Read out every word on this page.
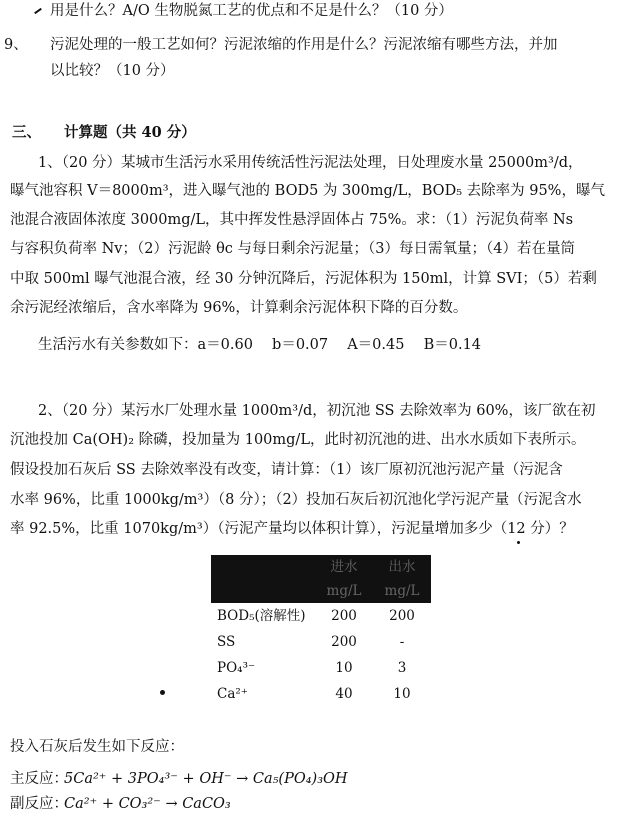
用是什么？A/O 生物脱氮工艺的优点和不足是什么？（10 分）
9、 污泥处理的一般工艺如何？污泥浓缩的作用是什么？污泥浓缩有哪些方法，并加
以比较？（10 分）
三、 计算题（共 40 分）
1、（20 分）某城市生活污水采用传统活性污泥法处理，日处理废水量 25000m³/d，
曝气池容积 V＝8000m³，进入曝气池的 BOD5 为 300mg/L，BOD₅ 去除率为 95%，曝气
池混合液固体浓度 3000mg/L，其中挥发性悬浮固体占 75%。求：（1）污泥负荷率 Ns
与容积负荷率 Nv；（2）污泥龄 θc 与每日剩余污泥量；（3）每日需氧量；（4）若在量筒
中取 500ml 曝气池混合液，经 30 分钟沉降后，污泥体积为 150ml，计算 SVI；（5）若剩
余污泥经浓缩后，含水率降为 96%，计算剩余污泥体积下降的百分数。
生活污水有关参数如下：a＝0.60　 b＝0.07　 A＝0.45　 B＝0.14
2、（20 分）某污水厂处理水量 1000m³/d，初沉池 SS 去除效率为 60%，该厂欲在初
沉池投加 Ca(OH)₂ 除磷，投加量为 100mg/L，此时初沉池的进、出水水质如下表所示。
假设投加石灰后 SS 去除效率没有改变，请计算：（1）该厂原初沉池污泥产量（污泥含
水率 96%，比重 1000kg/m³）（8 分）；（2）投加石灰后初沉池化学污泥产量（污泥含水
率 92.5%，比重 1070kg/m³）（污泥产量均以体积计算），污泥量增加多少（12 分）？
	进水	出水
	mg/L	mg/L
BOD₅(溶解性)	200	200
SS	200	-
PO₄³⁻	10	3
Ca²⁺	40	10
投入石灰后发生如下反应：
主反应：
5Ca²⁺ + 3PO₄³⁻ + OH⁻ → Ca₅(PO₄)₃OH
副反应：
Ca²⁺ + CO₃²⁻ → CaCO₃
